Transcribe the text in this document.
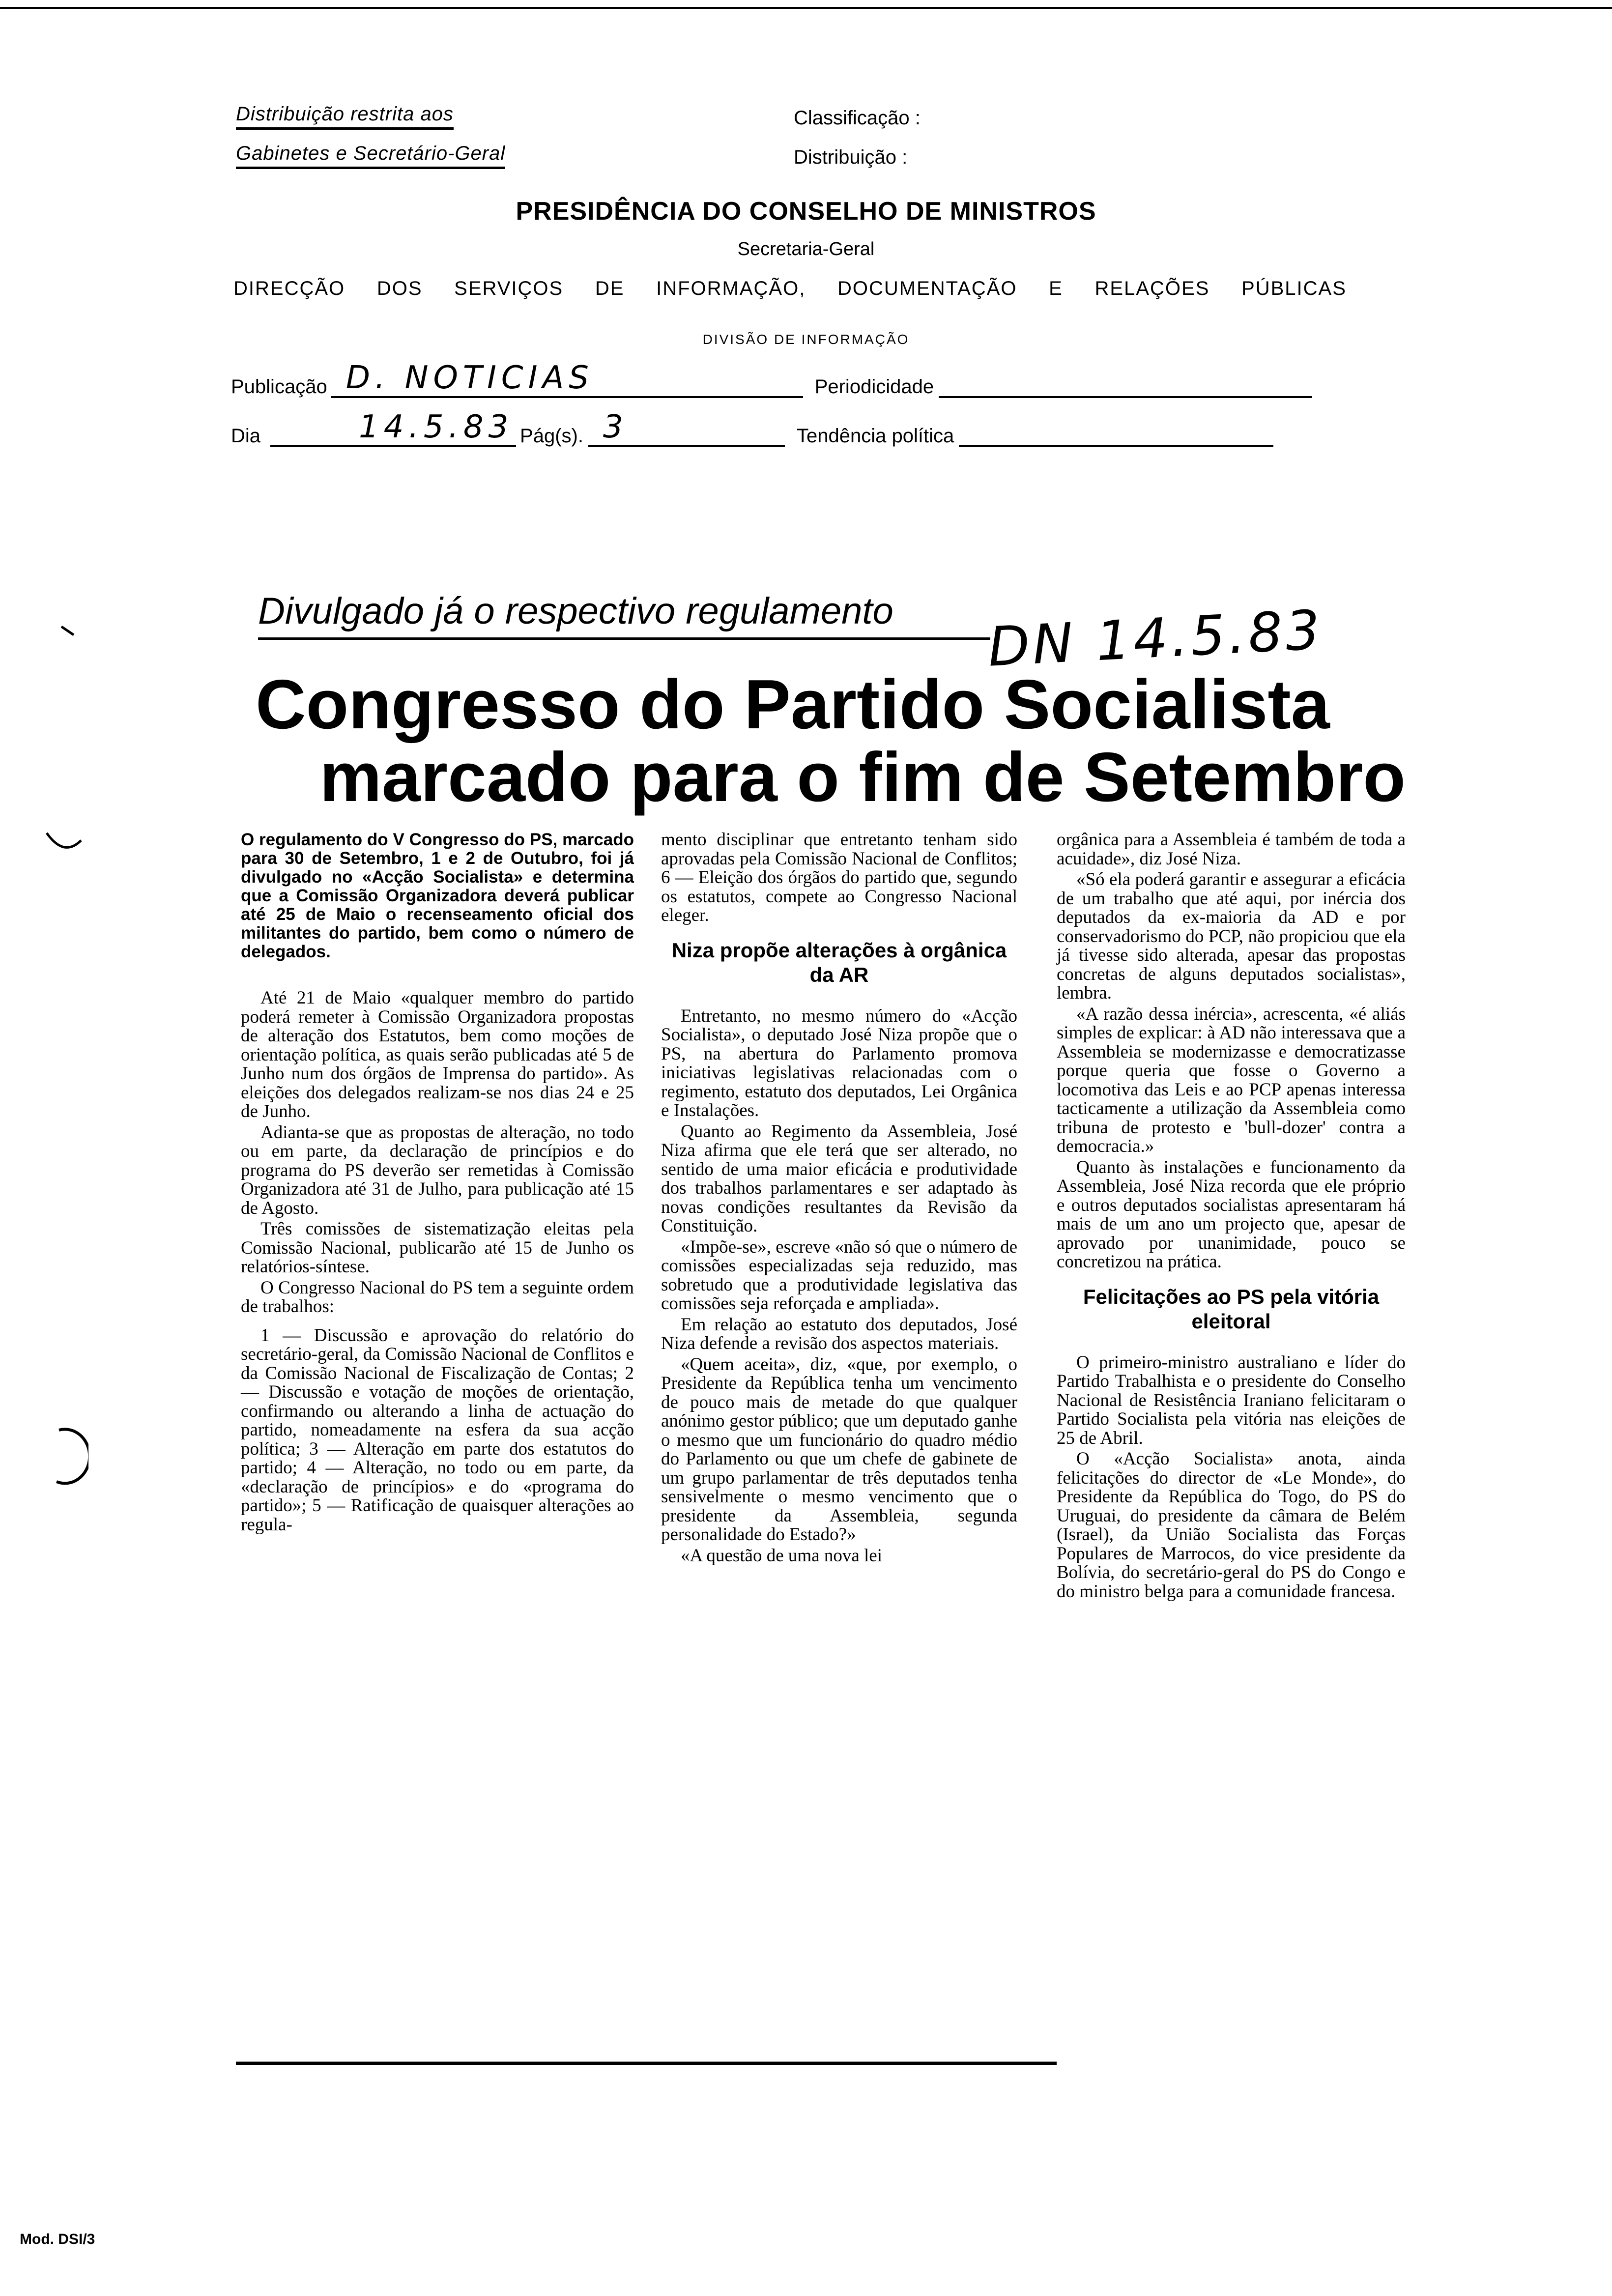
Distribuição restrita aos
Gabinetes e Secretário-Geral
Classificação :
Distribuição :
PRESIDÊNCIA DO CONSELHO DE MINISTROS
Secretaria-Geral
DIRECÇÃO DOS SERVIÇOS DE INFORMAÇÃO, DOCUMENTAÇÃO E RELAÇÕES PÚBLICAS
DIVISÃO DE INFORMAÇÃO
Publicação D. NOTICIAS	Periodicidade
Dia	14.5.83 Pág(s). 3	Tendência política
Divulgado já o respectivo regulamento	DN 14.5.83
Congresso do Partido Socialista
marcado para o fim de Setembro

O regulamento do V Congresso do PS, marcado para 30 de Setembro, 1 e 2 de Outubro, foi já divulgado no «Acção Socialista» e determina que a Comissão Organizadora deverá publicar até 25 de Maio o recenseamento oficial dos militantes do partido, bem como o número de delegados.

Até 21 de Maio «qualquer membro do partido poderá remeter à Comissão Organizadora propostas de alteração dos Estatutos, bem como moções de orientação política, as quais serão publicadas até 5 de Junho num dos órgãos de Imprensa do partido». As eleições dos delegados realizam-se nos dias 24 e 25 de Junho.

Adianta-se que as propostas de alteração, no todo ou em parte, da declaração de princípios e do programa do PS deverão ser remetidas à Comissão Organizadora até 31 de Julho, para publicação até 15 de Agosto.

Três comissões de sistematização eleitas pela Comissão Nacional, publicarão até 15 de Junho os relatórios-síntese.

O Congresso Nacional do PS tem a seguinte ordem de trabalhos:

1 — Discussão e aprovação do relatório do secretário-geral, da Comissão Nacional de Conflitos e da Comissão Nacional de Fiscalização de Contas; 2 — Discussão e votação de moções de orientação, confirmando ou alterando a linha de actuação do partido, nomeadamente na esfera da sua acção política; 3 — Alteração em parte dos estatutos do partido; 4 — Alteração, no todo ou em parte, da «declaração de princípios» e do «programa do partido»; 5 — Ratificação de quaisquer alterações ao regula-

mento disciplinar que entretanto tenham sido aprovadas pela Comissão Nacional de Conflitos; 6 — Eleição dos órgãos do partido que, segundo os estatutos, compete ao Congresso Nacional eleger.

Niza propõe alterações à orgânica da AR

Entretanto, no mesmo número do «Acção Socialista», o deputado José Niza propõe que o PS, na abertura do Parlamento promova iniciativas legislativas relacionadas com o regimento, estatuto dos deputados, Lei Orgânica e Instalações.

Quanto ao Regimento da Assembleia, José Niza afirma que ele terá que ser alterado, no sentido de uma maior eficácia e produtividade dos trabalhos parlamentares e ser adaptado às novas condições resultantes da Revisão da Constituição.

«Impõe-se», escreve «não só que o número de comissões especializadas seja reduzido, mas sobretudo que a produtividade legislativa das comissões seja reforçada e ampliada».

Em relação ao estatuto dos deputados, José Niza defende a revisão dos aspectos materiais.

«Quem aceita», diz, «que, por exemplo, o Presidente da República tenha um vencimento de pouco mais de metade do que qualquer anónimo gestor público; que um deputado ganhe o mesmo que um funcionário do quadro médio do Parlamento ou que um chefe de gabinete de um grupo parlamentar de três deputados tenha sensivelmente o mesmo vencimento que o presidente da Assembleia, segunda personalidade do Estado?»

«A questão de uma nova lei

orgânica para a Assembleia é também de toda a acuidade», diz José Niza.

«Só ela poderá garantir e assegurar a eficácia de um trabalho que até aqui, por inércia dos deputados da ex-maioria da AD e por conservadorismo do PCP, não propiciou que ela já tivesse sido alterada, apesar das propostas concretas de alguns deputados socialistas», lembra.

«A razão dessa inércia», acrescenta, «é aliás simples de explicar: à AD não interessava que a Assembleia se modernizasse e democratizasse porque queria que fosse o Governo a locomotiva das Leis e ao PCP apenas interessa tacticamente a utilização da Assembleia como tribuna de protesto e 'bull-dozer' contra a democracia.»

Quanto às instalações e funcionamento da Assembleia, José Niza recorda que ele próprio e outros deputados socialistas apresentaram há mais de um ano um projecto que, apesar de aprovado por unanimidade, pouco se concretizou na prática.

Felicitações ao PS pela vitória eleitoral

O primeiro-ministro australiano e líder do Partido Trabalhista e o presidente do Conselho Nacional de Resistência Iraniano felicitaram o Partido Socialista pela vitória nas eleições de 25 de Abril.

O «Acção Socialista» anota, ainda felicitações do director de «Le Monde», do Presidente da República do Togo, do PS do Uruguai, do presidente da câmara de Belém (Israel), da União Socialista das Forças Populares de Marrocos, do vice presidente da Bolívia, do secretário-geral do PS do Congo e do ministro belga para a comunidade francesa.

Mod. DSI/3
